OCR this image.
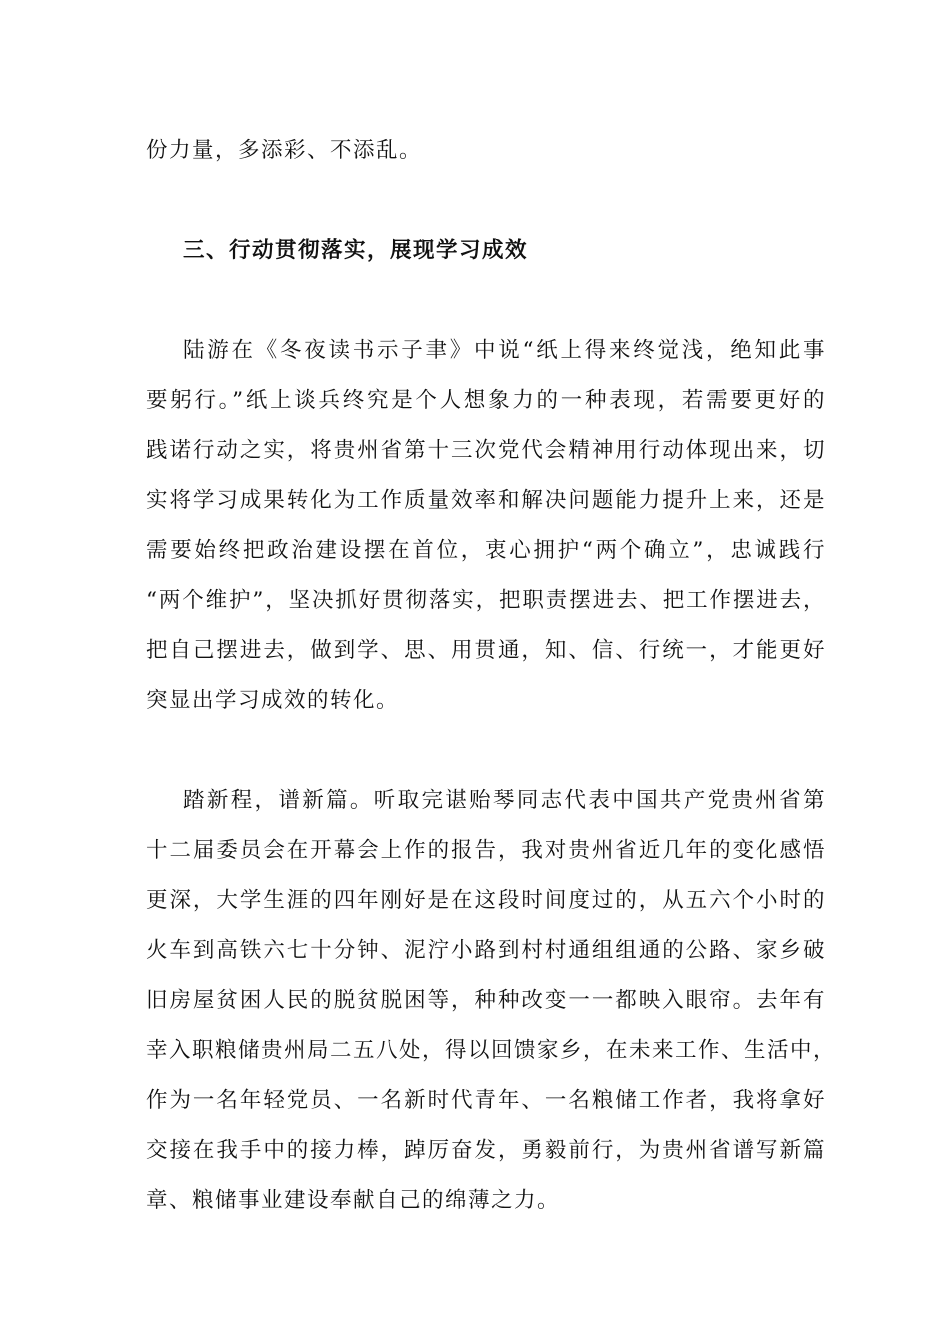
份力量，多添彩、不添乱。
三、行动贯彻落实，展现学习成效
陆游在《冬夜读书示子聿》中说“纸上得来终觉浅，绝知此事
要躬行。”纸上谈兵终究是个人想象力的一种表现，若需要更好的
践诺行动之实，将贵州省第十三次党代会精神用行动体现出来，切
实将学习成果转化为工作质量效率和解决问题能力提升上来，还是
需要始终把政治建设摆在首位，衷心拥护“两个确立”，忠诚践行
“两个维护”，坚决抓好贯彻落实，把职责摆进去、把工作摆进去，
把自己摆进去，做到学、思、用贯通，知、信、行统一，才能更好
突显出学习成效的转化。
踏新程，谱新篇。听取完谌贻琴同志代表中国共产党贵州省第
十二届委员会在开幕会上作的报告，我对贵州省近几年的变化感悟
更深，大学生涯的四年刚好是在这段时间度过的，从五六个小时的
火车到高铁六七十分钟、泥泞小路到村村通组组通的公路、家乡破
旧房屋贫困人民的脱贫脱困等，种种改变一一都映入眼帘。去年有
幸入职粮储贵州局二五八处，得以回馈家乡，在未来工作、生活中，
作为一名年轻党员、一名新时代青年、一名粮储工作者，我将拿好
交接在我手中的接力棒，踔厉奋发，勇毅前行，为贵州省谱写新篇
章、粮储事业建设奉献自己的绵薄之力。
